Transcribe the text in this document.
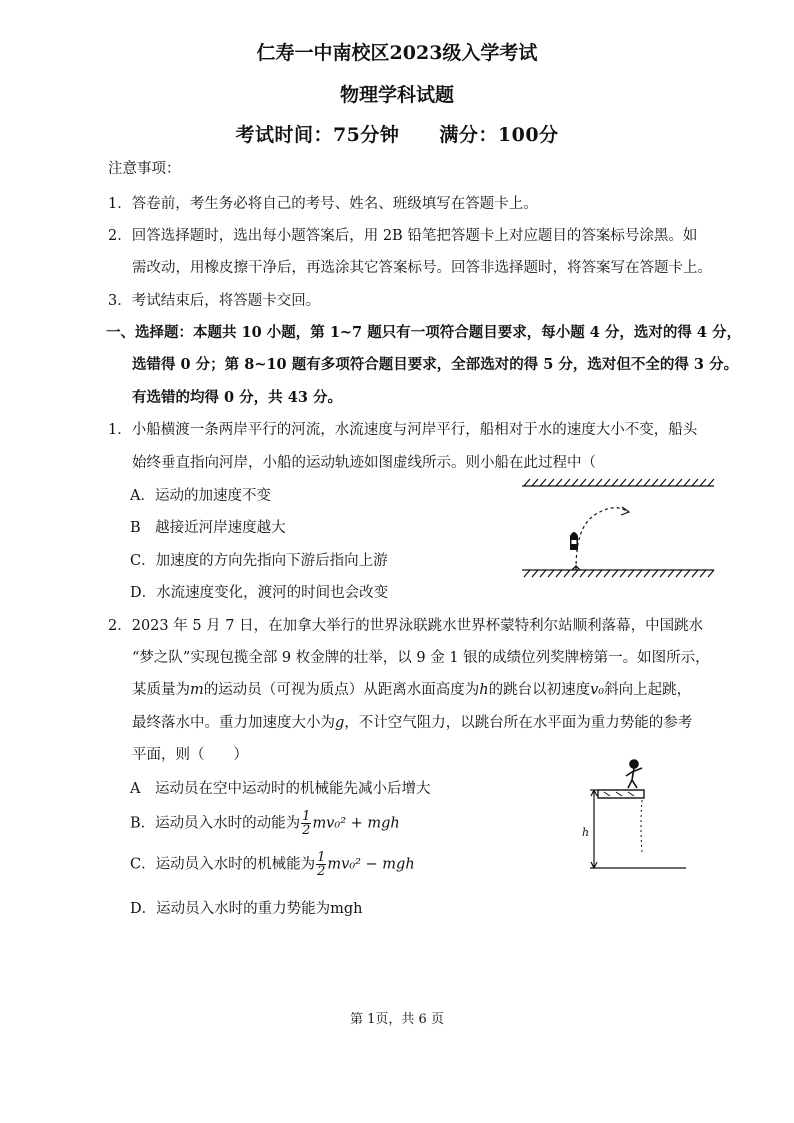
仁寿一中南校区2023级入学考试
物理学科试题
考试时间：75分钟 满分：100分
注意事项：
1．答卷前，考生务必将自己的考号、姓名、班级填写在答题卡上。
2．回答选择题时，选出每小题答案后，用 2B 铅笔把答题卡上对应题目的答案标号涂黑。如
需改动，用橡皮擦干净后，再选涂其它答案标号。回答非选择题时，将答案写在答题卡上。
3．考试结束后，将答题卡交回。
一、选择题：本题共 10 小题，第 1~7 题只有一项符合题目要求，每小题 4 分，选对的得 4 分，
选错得 0 分；第 8~10 题有多项符合题目要求，全部选对的得 5 分，选对但不全的得 3 分。
有选错的均得 0 分，共 43 分。
1．小船横渡一条两岸平行的河流，水流速度与河岸平行，船相对于水的速度大小不变，船头
始终垂直指向河岸，小船的运动轨迹如图虚线所示。则小船在此过程中（
A．运动的加速度不变
B　越接近河岸速度越大
C．加速度的方向先指向下游后指向上游
D．水流速度变化，渡河的时间也会改变
2．2023 年 5 月 7 日，在加拿大举行的世界泳联跳水世界杯蒙特利尔站顺利落幕，中国跳水
“梦之队”实现包揽全部 9 枚金牌的壮举，以 9 金 1 银的成绩位列奖牌榜第一。如图所示，
某质量为m的运动员（可视为质点）从距离水面高度为h的跳台以初速度v₀斜向上起跳，
最终落水中。重力加速度大小为g，不计空气阻力，以跳台所在水平面为重力势能的参考
平面，则（　　）
A　运动员在空中运动时的机械能先减小后增大
B．运动员入水时的动能为 $\frac{1}{2} mv_0^2$ + mgh
C．运动员入水时的机械能为 $\frac{1}{2} mv_0^2$ − mgh
D．运动员入水时的重力势能为mgh
h
第 1页，共 6 页
